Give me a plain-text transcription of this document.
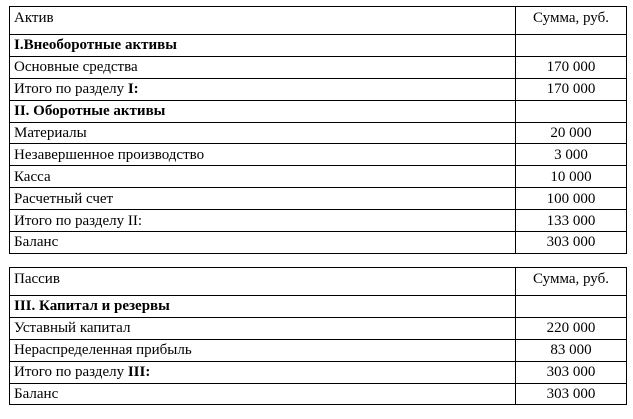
Актив	Сумма, руб.
I.Внеоборотные активы	
Основные средства	170 000
Итого по разделу I:	170 000
II. Оборотные активы	
Материалы	20 000
Незавершенное производство	3 000
Касса	10 000
Расчетный счет	100 000
Итого по разделу II:	133 000
Баланс	303 000
Пассив	Сумма, руб.
III. Капитал и резервы	
Уставный капитал	220 000
Нераспределенная прибыль	83 000
Итого по разделу III:	303 000
Баланс	303 000
